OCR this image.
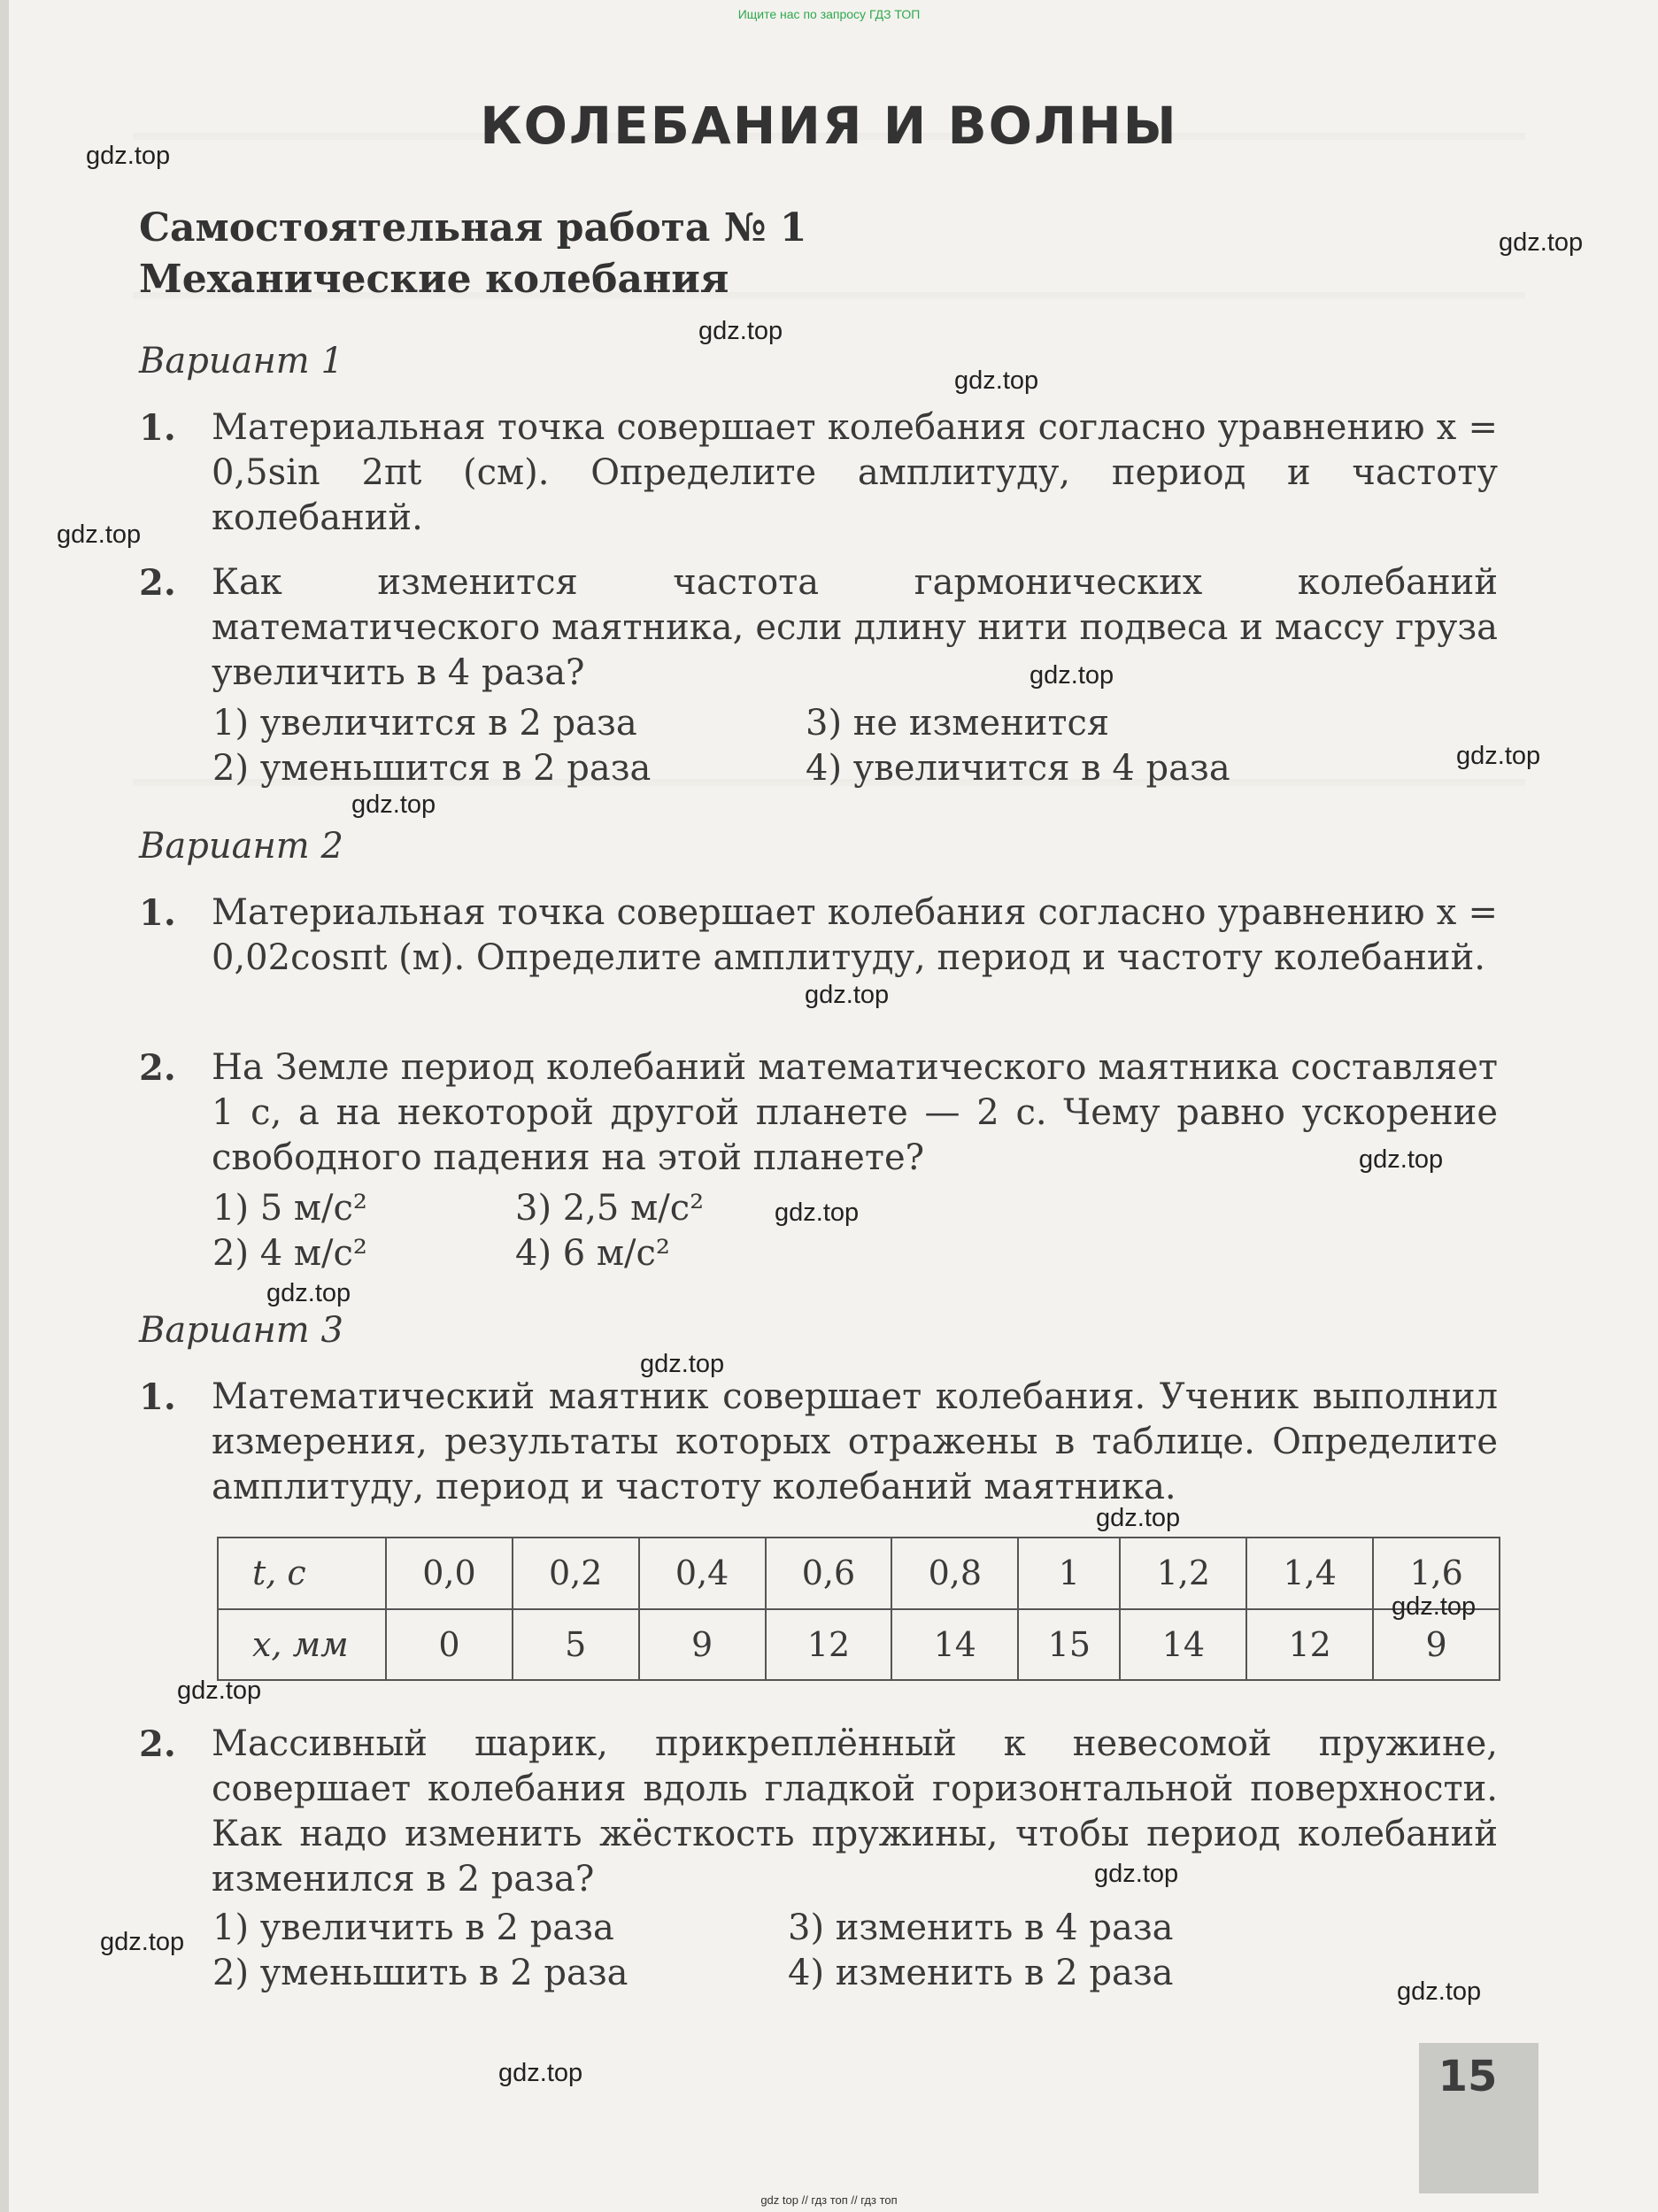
Ищите нас по запросу ГДЗ ТОП
КОЛЕБАНИЯ И ВОЛНЫ
Самостоятельная работа № 1
Механические колебания
Вариант 1
1. Материальная точка совершает колебания согласно уравнению x = 0,5sin 2πt (см). Определите амплитуду, период и частоту колебаний.
2. Как изменится частота гармонических колебаний математического маятника, если длину нити подвеса и массу груза увеличить в 4 раза?
1) увеличится в 2 раза	3) не изменится
2) уменьшится в 2 раза	4) увеличится в 4 раза
Вариант 2
1. Материальная точка совершает колебания согласно уравнению x = 0,02cosπt (м). Определите амплитуду, период и частоту колебаний.
2. На Земле период колебаний математического маятника составляет 1 с, а на некоторой другой планете — 2 с. Чему равно ускорение свободного падения на этой планете?
1) 5 м/с²	3) 2,5 м/с²
2) 4 м/с²	4) 6 м/с²
Вариант 3
1. Математический маятник совершает колебания. Ученик выполнил измерения, результаты которых отражены в таблице. Определите амплитуду, период и частоту колебаний маятника.
t, с	0,0	0,2	0,4	0,6	0,8	1	1,2	1,4	1,6
x, мм	0	5	9	12	14	15	14	12	9
2. Массивный шарик, прикреплённый к невесомой пружине, совершает колебания вдоль гладкой горизонтальной поверхности. Как надо изменить жёсткость пружины, чтобы период колебаний изменился в 2 раза?
1) увеличить в 2 раза	3) изменить в 4 раза
2) уменьшить в 2 раза	4) изменить в 2 раза
15
gdz.top
gdz.top
gdz.top
gdz.top
gdz.top
gdz.top
gdz.top
gdz.top
gdz.top
gdz.top
gdz.top
gdz.top
gdz.top
gdz.top
gdz.top
gdz.top
gdz.top
gdz.top
gdz.top
gdz.top
gdz top // гдз топ // гдз топ
